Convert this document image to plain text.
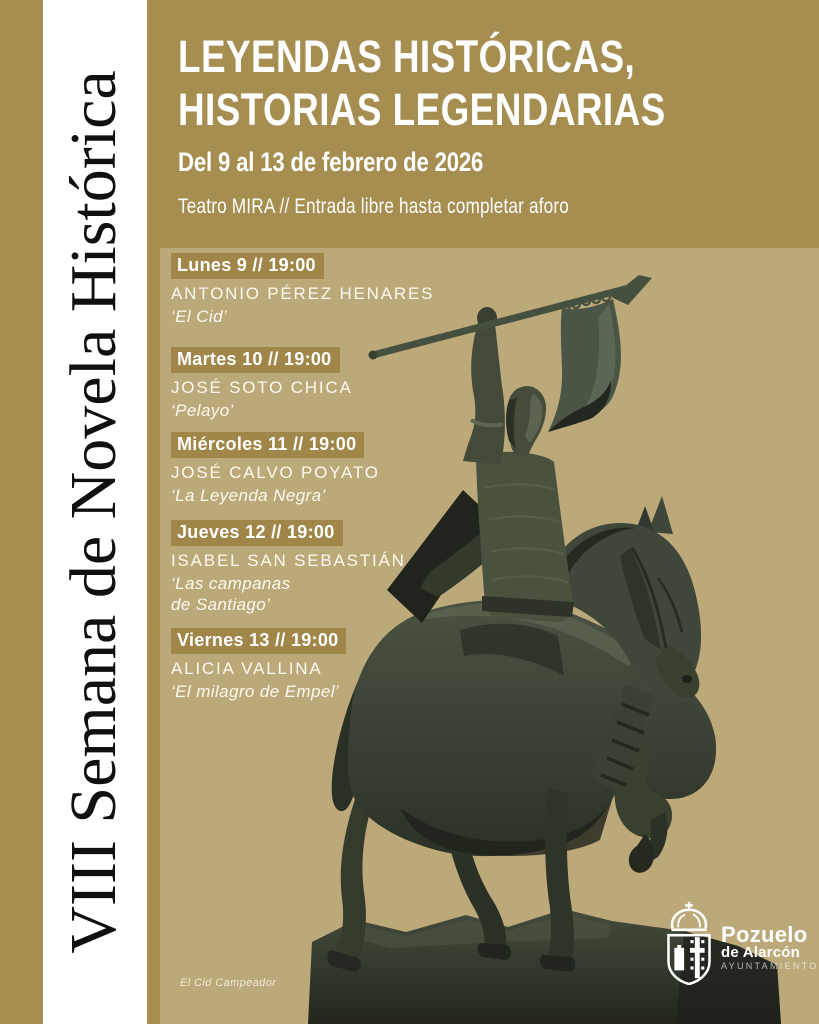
VIII Semana de Novela Histórica
El Cid Campeador
Pozuelo
de Alarcón
AYUNTAMIENTO
LEYENDAS HISTÓRICAS,
HISTORIAS LEGENDARIAS
Del 9 al 13 de febrero de 2026
Teatro MIRA // Entrada libre hasta completar aforo
Lunes 9 // 19:00
ANTONIO PÉREZ HENARES
‘El Cid’
Martes 10 // 19:00
JOSÉ SOTO CHICA
‘Pelayo’
Miércoles 11 // 19:00
JOSÉ CALVO POYATO
‘La Leyenda Negra’
Jueves 12 // 19:00
ISABEL SAN SEBASTIÁN
‘Las campanas
de Santiago’
Viernes 13 // 19:00
ALICIA VALLINA
‘El milagro de Empel’
